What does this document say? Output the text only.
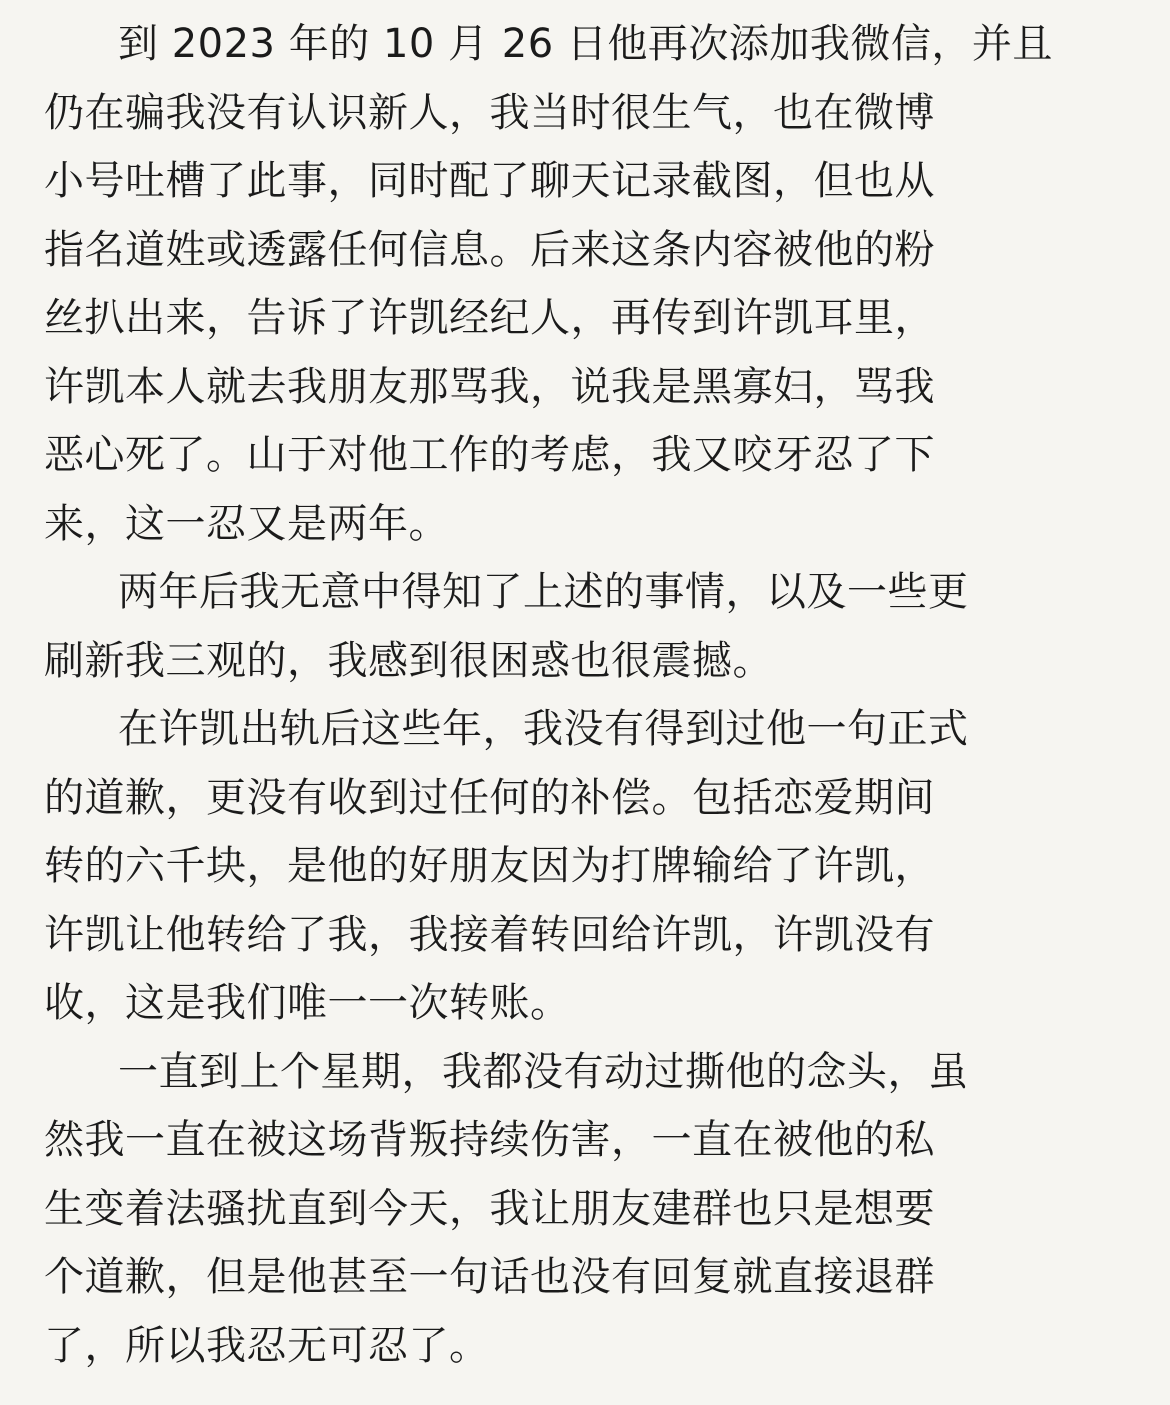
到 2023 年的 10 月 26 日他再次添加我微信，并且
仍在骗我没有认识新人，我当时很生气，也在微博
小号吐槽了此事，同时配了聊天记录截图，但也从
指名道姓或透露任何信息。后来这条内容被他的粉
丝扒出来，告诉了许凯经纪人，再传到许凯耳里，
许凯本人就去我朋友那骂我，说我是黑寡妇，骂我
恶心死了。山于对他工作的考虑，我又咬牙忍了下
来，这一忍又是两年。
两年后我无意中得知了上述的事情，以及一些更
刷新我三观的，我感到很困惑也很震撼。
在许凯出轨后这些年，我没有得到过他一句正式
的道歉，更没有收到过任何的补偿。包括恋爱期间
转的六千块，是他的好朋友因为打牌输给了许凯，
许凯让他转给了我，我接着转回给许凯，许凯没有
收，这是我们唯一一次转账。
一直到上个星期，我都没有动过撕他的念头，虽
然我一直在被这场背叛持续伤害，一直在被他的私
生变着法骚扰直到今天，我让朋友建群也只是想要
个道歉，但是他甚至一句话也没有回复就直接退群
了，所以我忍无可忍了。
